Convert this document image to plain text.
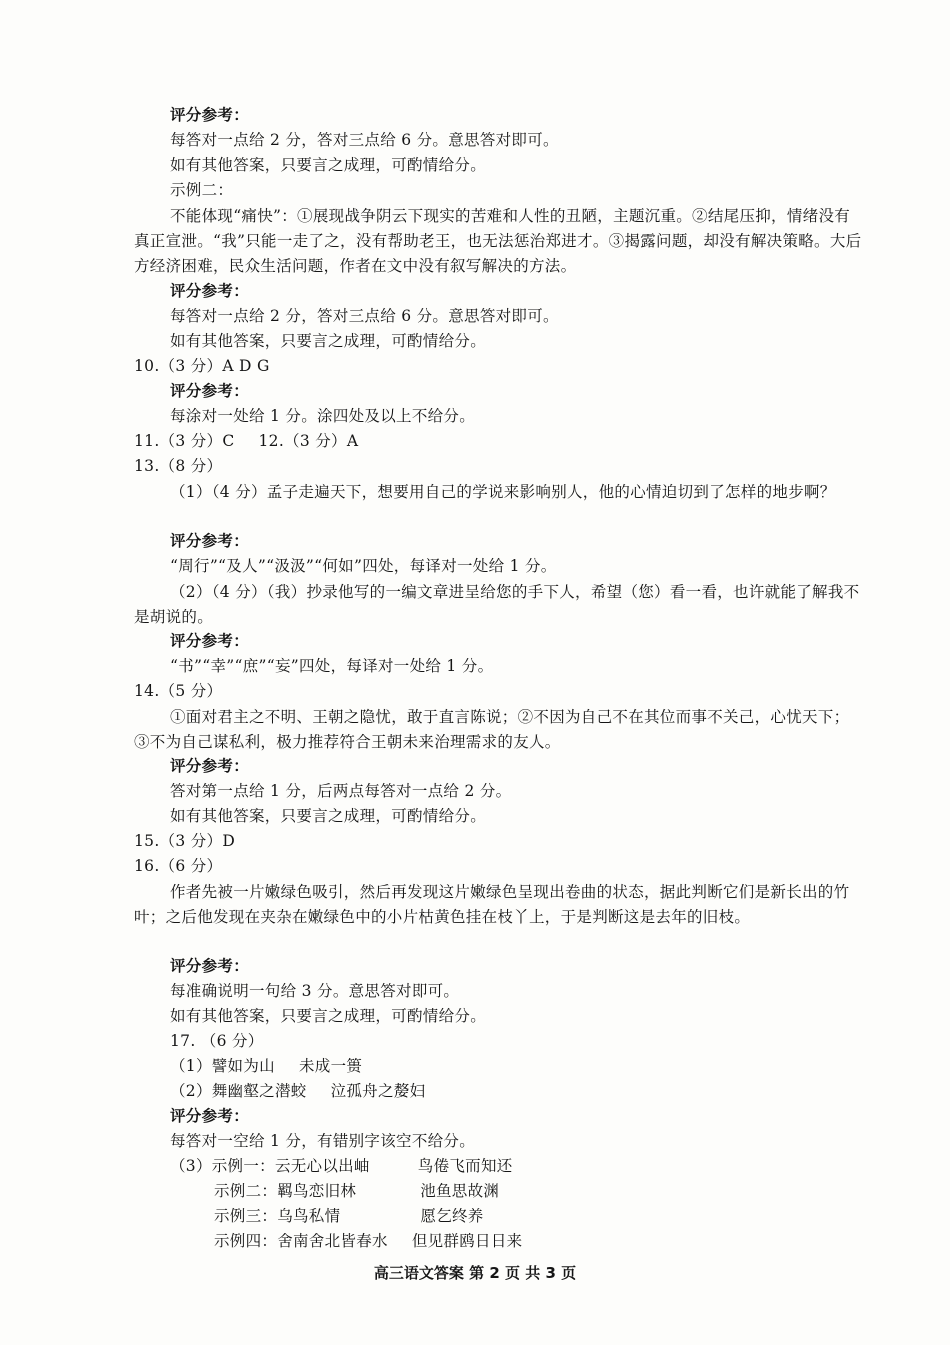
评分参考：
每答对一点给 2 分，答对三点给 6 分。意思答对即可。
如有其他答案，只要言之成理，可酌情给分。
示例二：
不能体现“痛快”：①展现战争阴云下现实的苦难和人性的丑陋，主题沉重。②结尾压抑，情绪没有真正宣泄。“我”只能一走了之，没有帮助老王，也无法惩治郑进才。③揭露问题，却没有解决策略。大后方经济困难，民众生活问题，作者在文中没有叙写解决的方法。
评分参考：
每答对一点给 2 分，答对三点给 6 分。意思答对即可。
如有其他答案，只要言之成理，可酌情给分。
10.（3 分）A D G
评分参考：
每涂对一处给 1 分。涂四处及以上不给分。
11.（3 分）C 12.（3 分）A
13.（8 分）
（1）（4 分）孟子走遍天下，想要用自己的学说来影响别人，他的心情迫切到了怎样的地步啊？
评分参考：
“周行”“及人”“汲汲”“何如”四处，每译对一处给 1 分。
（2）（4 分）（我）抄录他写的一编文章进呈给您的手下人，希望（您）看一看，也许就能了解我不是胡说的。
评分参考：
“书”“幸”“庶”“妄”四处，每译对一处给 1 分。
14.（5 分）
①面对君主之不明、王朝之隐忧，敢于直言陈说；②不因为自己不在其位而事不关己，心忧天下；③不为自己谋私利，极力推荐符合王朝未来治理需求的友人。
评分参考：
答对第一点给 1 分，后两点每答对一点给 2 分。
如有其他答案，只要言之成理，可酌情给分。
15.（3 分）D
16.（6 分）
作者先被一片嫩绿色吸引，然后再发现这片嫩绿色呈现出卷曲的状态，据此判断它们是新长出的竹叶；之后他发现在夹杂在嫩绿色中的小片枯黄色挂在枝丫上，于是判断这是去年的旧枝。
评分参考：
每准确说明一句给 3 分。意思答对即可。
如有其他答案，只要言之成理，可酌情给分。
17. （6 分）
（1）譬如为山 未成一篑
（2）舞幽壑之潜蛟 泣孤舟之嫠妇
评分参考：
每答对一空给 1 分，有错别字该空不给分。
（3）示例一：云无心以出岫	鸟倦飞而知还
示例二：羁鸟恋旧林	池鱼思故渊
示例三：乌鸟私情	愿乞终养
示例四：舍南舍北皆春水 但见群鸥日日来
高三语文答案 第 2 页 共 3 页
